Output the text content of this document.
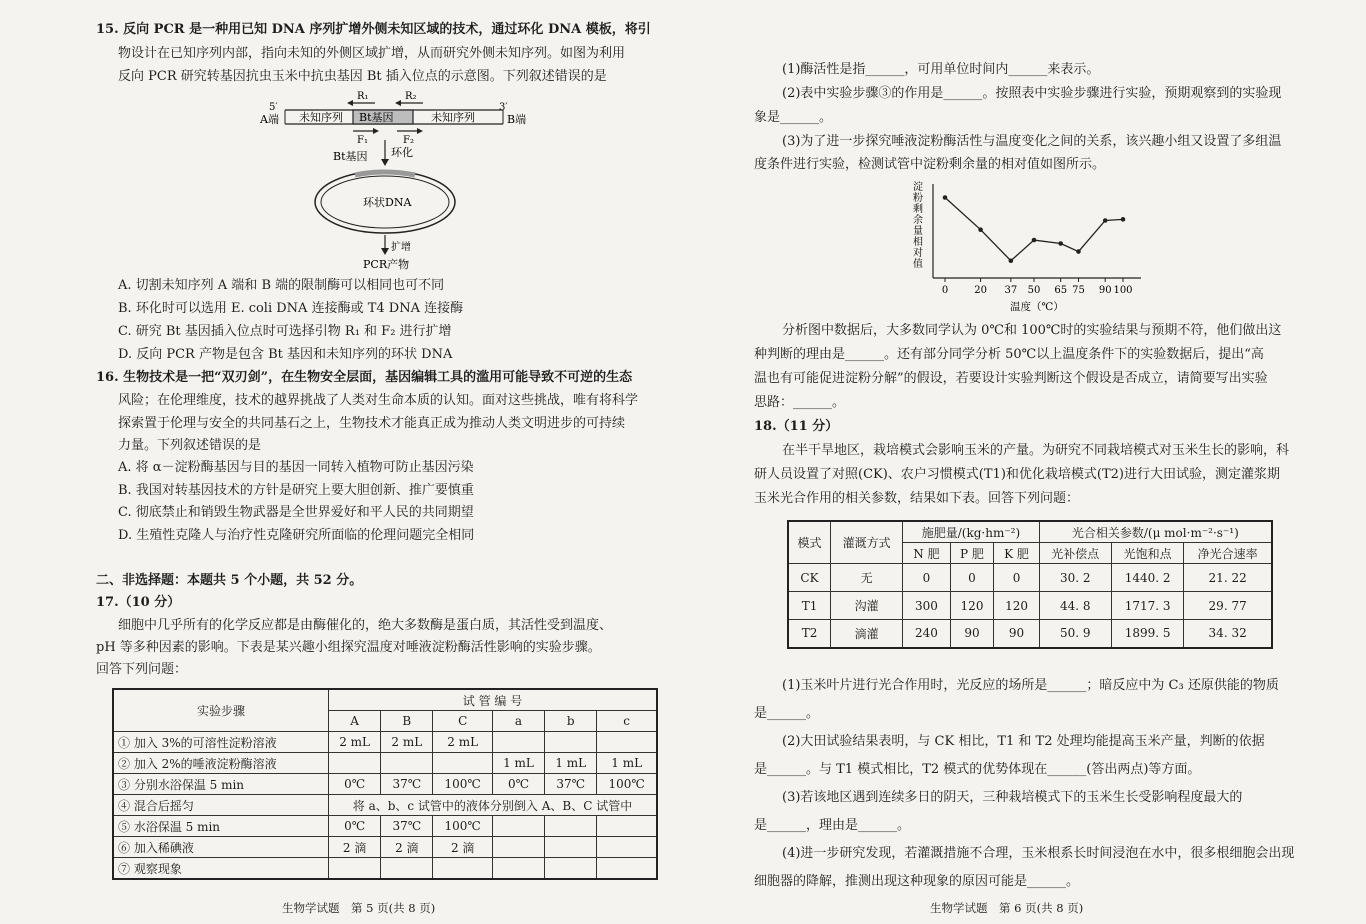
15. 反向 PCR 是一种用已知 DNA 序列扩增外侧未知区域的技术，通过环化 DNA 模板，将引
物设计在已知序列内部，指向未知的外侧区域扩增，从而研究外侧未知序列。如图为利用
反向 PCR 研究转基因抗虫玉米中抗虫基因 Bt 插入位点的示意图。下列叙述错误的是
5′
A端
3′
B端
未知序列 Bt基因	未知序列
R₁	R₂
F₁	F₂
环化
Bt基因
环状DNA
扩增
PCR产物
A. 切割未知序列 A 端和 B 端的限制酶可以相同也可不同
B. 环化时可以选用 E. coli DNA 连接酶或 T4 DNA 连接酶
C. 研究 Bt 基因插入位点时可选择引物 R₁ 和 F₂ 进行扩增
D. 反向 PCR 产物是包含 Bt 基因和未知序列的环状 DNA
16. 生物技术是一把“双刃剑”，在生物安全层面，基因编辑工具的滥用可能导致不可逆的生态
风险；在伦理维度，技术的越界挑战了人类对生命本质的认知。面对这些挑战，唯有将科学
探索置于伦理与安全的共同基石之上，生物技术才能真正成为推动人类文明进步的可持续
力量。下列叙述错误的是
A. 将 α－淀粉酶基因与目的基因一同转入植物可防止基因污染
B. 我国对转基因技术的方针是研究上要大胆创新、推广要慎重
C. 彻底禁止和销毁生物武器是全世界爱好和平人民的共同期望
D. 生殖性克隆人与治疗性克隆研究所面临的伦理问题完全相同
二、非选择题：本题共 5 个小题，共 52 分。
17.（10 分）
细胞中几乎所有的化学反应都是由酶催化的，绝大多数酶是蛋白质，其活性受到温度、
pH 等多种因素的影响。下表是某兴趣小组探究温度对唾液淀粉酶活性影响的实验步骤。
回答下列问题：
实验步骤	试 管 编 号					
	A	B	C	a	b	c
① 加入 3%的可溶性淀粉溶液	2 mL	2 mL	2 mL			
② 加入 2%的唾液淀粉酶溶液				1 mL	1 mL	1 mL
③ 分别水浴保温 5 min	0℃	37℃	100℃	0℃	37℃	100℃
④ 混合后摇匀	将 a、b、c 试管中的液体分别倒入 A、B、C 试管中					
⑤ 水浴保温 5 min	0℃	37℃	100℃			
⑥ 加入稀碘液	2 滴	2 滴	2 滴			
⑦ 观察现象						
生物学试题　第 5 页(共 8 页)
(1)酶活性是指______，可用单位时间内______来表示。
(2)表中实验步骤③的作用是______。按照表中实验步骤进行实验，预期观察到的实验现
象是______。
(3)为了进一步探究唾液淀粉酶活性与温度变化之间的关系，该兴趣小组又设置了多组温
度条件进行实验，检测试管中淀粉剩余量的相对值如图所示。
淀粉剩余量相对值
0	20 37 50 65 75 90 100
温度（℃）
分析图中数据后，大多数同学认为 0℃和 100℃时的实验结果与预期不符，他们做出这
种判断的理由是______。还有部分同学分析 50℃以上温度条件下的实验数据后，提出“高
温也有可能促进淀粉分解”的假设，若要设计实验判断这个假设是否成立，请简要写出实验
思路：______。
18.（11 分）
在半干旱地区，栽培模式会影响玉米的产量。为研究不同栽培模式对玉米生长的影响，科
研人员设置了对照(CK)、农户习惯模式(T1)和优化栽培模式(T2)进行大田试验，测定灌浆期
玉米光合作用的相关参数，结果如下表。回答下列问题：
模式	灌溉方式	施肥量/(kg·hm⁻²)			光合相关参数/(μ mol·m⁻²·s⁻¹)		
		N 肥	P 肥	K 肥	光补偿点	光饱和点	净光合速率
CK	无	0	0	0	30. 2	1440. 2	21. 22
T1	沟灌	300	120	120	44. 8	1717. 3	29. 77
T2	滴灌	240	90	90	50. 9	1899. 5	34. 32
(1)玉米叶片进行光合作用时，光反应的场所是______；暗反应中为 C₃ 还原供能的物质
是______。
(2)大田试验结果表明，与 CK 相比，T1 和 T2 处理均能提高玉米产量，判断的依据
是______。与 T1 模式相比，T2 模式的优势体现在______(答出两点)等方面。
(3)若该地区遇到连续多日的阴天，三种栽培模式下的玉米生长受影响程度最大的
是______，理由是______。
(4)进一步研究发现，若灌溉措施不合理，玉米根系长时间浸泡在水中，很多根细胞会出现
细胞器的降解，推测出现这种现象的原因可能是______。
生物学试题　第 6 页(共 8 页)
